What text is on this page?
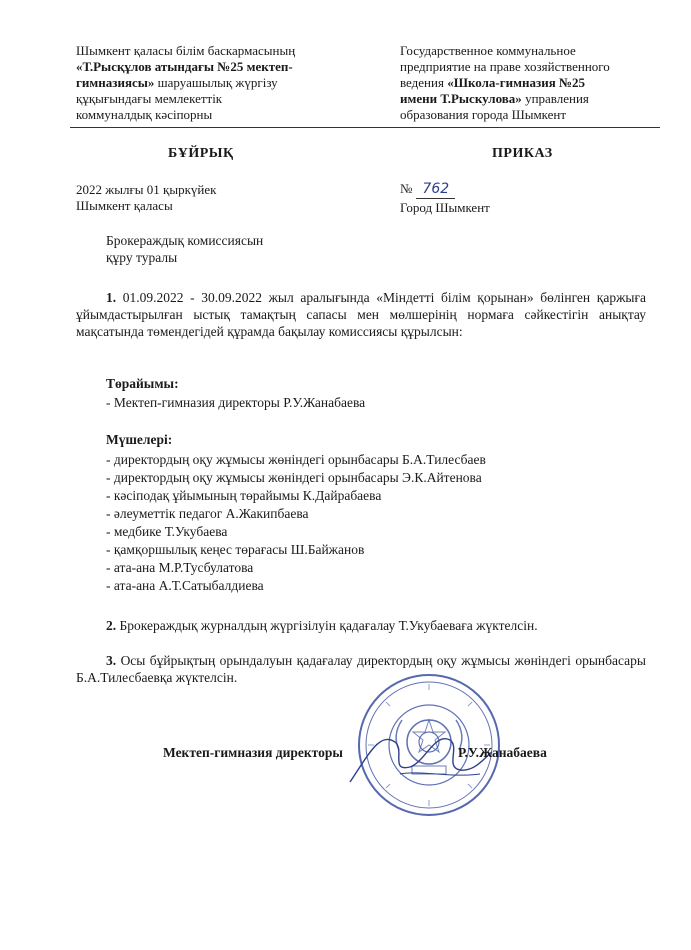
Шымкент қаласы білім баскармасының
«Т.Рысқұлов атындағы №25 мектеп-
гимназиясы» шаруашылық жүргізу
құқығындағы мемлекеттік
коммуналдық кәсіпорны
Государственное коммунальное
предприятие на праве хозяйственного
ведения «Школа-гимназия №25
имени Т.Рыскулова» управления
образования города Шымкент
БҰЙРЫҚ	ПРИКАЗ
2022 жылғы 01 қыркүйек
Шымкент қаласы
№ 762
Город Шымкент
Брокераждық комиссиясын
құру туралы
1. 01.09.2022 - 30.09.2022 жыл аралығында «Міндетті білім қорынан» бөлінген қаржыға ұйымдастырылған ыстық тамақтың сапасы мен мөлшерінің нормаға сәйкестігін анықтау мақсатында төмендегідей құрамда бақылау комиссиясы құрылсын:
Төрайымы:
- Мектеп-гимназия директоры Р.У.Жанабаева
Мүшелері:
- директордың оқу жұмысы жөніндегі орынбасары Б.А.Тилесбаев
- директордың оқу жұмысы жөніндегі орынбасары Э.К.Айтенова
- кәсіподақ ұйымының төрайымы К.Дайрабаева
- әлеуметтік педагог А.Жакипбаева
- медбике Т.Укубаева
- қамқоршылық кеңес төрағасы Ш.Байжанов
- ата-ана М.Р.Тусбулатова
- ата-ана А.Т.Сатыбалдиева
2. Брокераждық журналдың жүргізілуін қадағалау Т.Укубаеваға жүктелсін.
3. Осы бұйрықтың орындалуын қадағалау директордың оқу жұмысы жөніндегі орынбасары Б.А.Тилесбаевқа жүктелсін.
Мектеп-гимназия директоры	Р.У.Жанабаева
